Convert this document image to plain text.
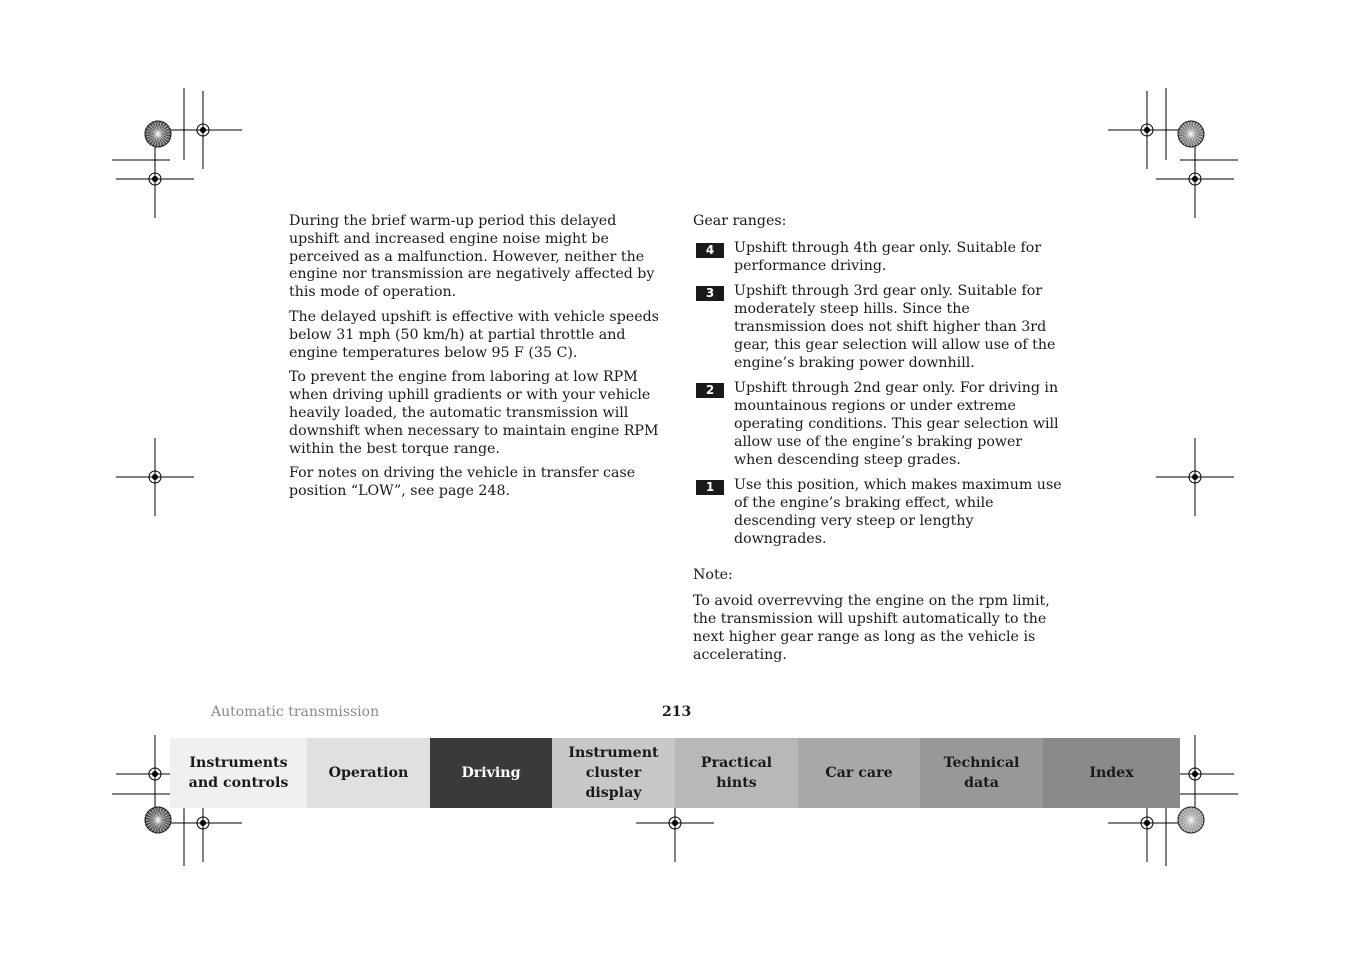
During the brief warm-up period this delayed upshift and increased engine noise might be perceived as a malfunction. However, neither the engine nor transmission are negatively affected by this mode of operation.

The delayed upshift is effective with vehicle speeds below 31 mph (50 km/h) at partial throttle and engine temperatures below 95 F (35 C).

To prevent the engine from laboring at low RPM when driving uphill gradients or with your vehicle heavily loaded, the automatic transmission will downshift when necessary to maintain engine RPM within the best torque range.

For notes on driving the vehicle in transfer case position “LOW”, see page 248.

Gear ranges:

4	Upshift through 4th gear only. Suitable for performance driving.
3	Upshift through 3rd gear only. Suitable for moderately steep hills. Since the transmission does not shift higher than 3rd gear, this gear selection will allow use of the engine’s braking power downhill.
2	Upshift through 2nd gear only. For driving in mountainous regions or under extreme operating conditions. This gear selection will allow use of the engine’s braking power when descending steep grades.
1	Use this position, which makes maximum use of the engine’s braking effect, while descending very steep or lengthy downgrades.

Note:

To avoid overrevving the engine on the rpm limit, the transmission will upshift automatically to the next higher gear range as long as the vehicle is accelerating.

Automatic transmission	213
Instruments
and controls
Operation	Driving
Instrument
cluster display
Practical hints
Car care
Technical
data
Index
